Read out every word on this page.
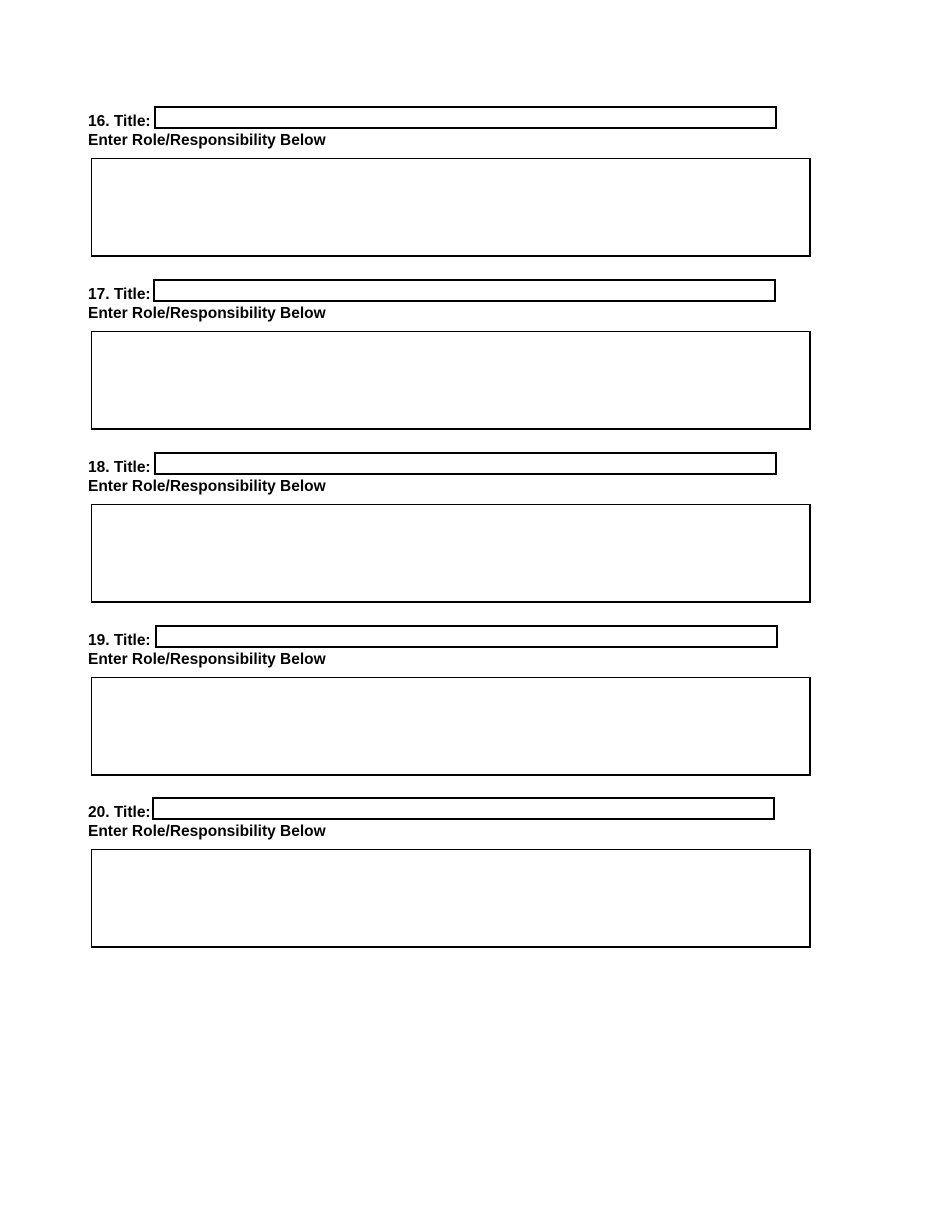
16. Title:
Enter Role/Responsibility Below
17. Title:
Enter Role/Responsibility Below
18. Title:
Enter Role/Responsibility Below
19. Title:
Enter Role/Responsibility Below
20. Title:
Enter Role/Responsibility Below
